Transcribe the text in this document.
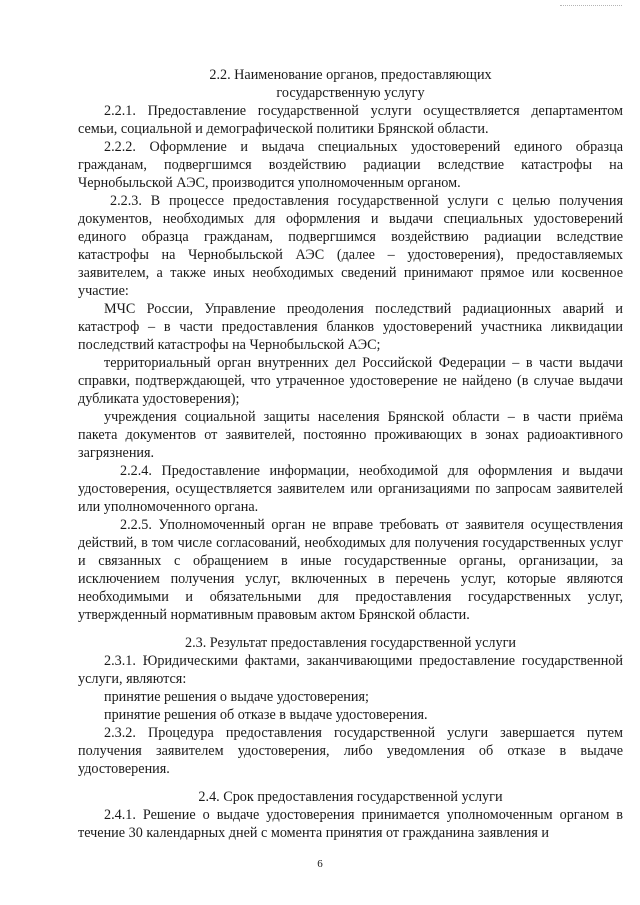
2.2. Наименование органов, предоставляющих

государственную услугу

2.2.1. Предоставление государственной услуги осуществляется департаментом семьи, социальной и демографической политики Брянской области.

2.2.2. Оформление и выдача специальных удостоверений единого образца гражданам, подвергшимся воздействию радиации вследствие катастрофы на Чернобыльской АЭС, производится уполномоченным органом.

2.2.3. В процессе предоставления государственной услуги с целью получения документов, необходимых для оформления и выдачи специальных удостоверений единого образца гражданам, подвергшимся воздействию радиации вследствие катастрофы на Чернобыльской АЭС (далее – удостоверения), предоставляемых заявителем, а также иных необходимых сведений принимают прямое или косвенное участие:

МЧС России, Управление преодоления последствий радиационных аварий и катастроф – в части предоставления бланков удостоверений участника ликвидации последствий катастрофы на Чернобыльской АЭС;

территориальный орган внутренних дел Российской Федерации – в части выдачи справки, подтверждающей, что утраченное удостоверение не найдено (в случае выдачи дубликата удостоверения);

учреждения социальной защиты населения Брянской области – в части приёма пакета документов от заявителей, постоянно проживающих в зонах радиоактивного загрязнения.

2.2.4. Предоставление информации, необходимой для оформления и выдачи удостоверения, осуществляется заявителем или организациями по запросам заявителей или уполномоченного органа.

2.2.5. Уполномоченный орган не вправе требовать от заявителя осуществления действий, в том числе согласований, необходимых для получения государственных услуг и связанных с обращением в иные государственные органы, организации, за исключением получения услуг, включенных в перечень услуг, которые являются необходимыми и обязательными для предоставления государственных услуг, утвержденный нормативным правовым актом Брянской области.

2.3. Результат предоставления государственной услуги

2.3.1. Юридическими фактами, заканчивающими предоставление государственной услуги, являются:

принятие решения о выдаче удостоверения;

принятие решения об отказе в выдаче удостоверения.

2.3.2. Процедура предоставления государственной услуги завершается путем получения заявителем удостоверения, либо уведомления об отказе в выдаче удостоверения.

2.4. Срок предоставления государственной услуги

2.4.1. Решение о выдаче удостоверения принимается уполномоченным органом в течение 30 календарных дней с момента принятия от гражданина заявления и

6
